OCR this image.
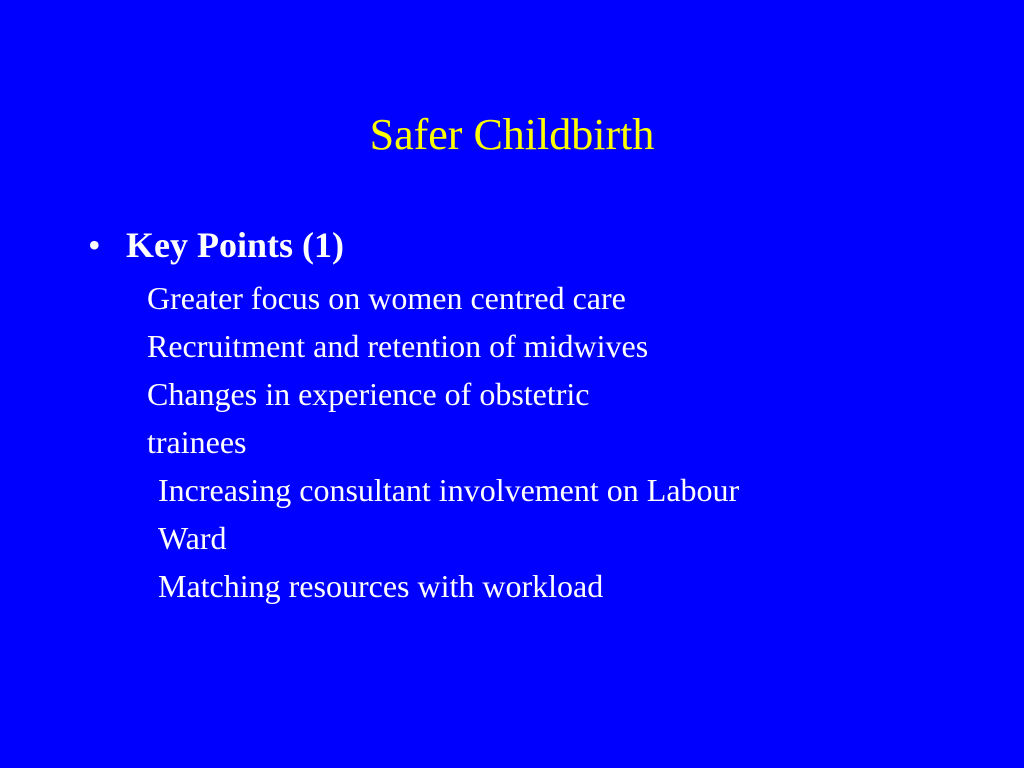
Safer Childbirth
• Key Points (1)
Greater focus on women centred care
Recruitment and retention of midwives
Changes in experience of obstetric
trainees
Increasing consultant involvement on Labour
Ward
Matching resources with workload
